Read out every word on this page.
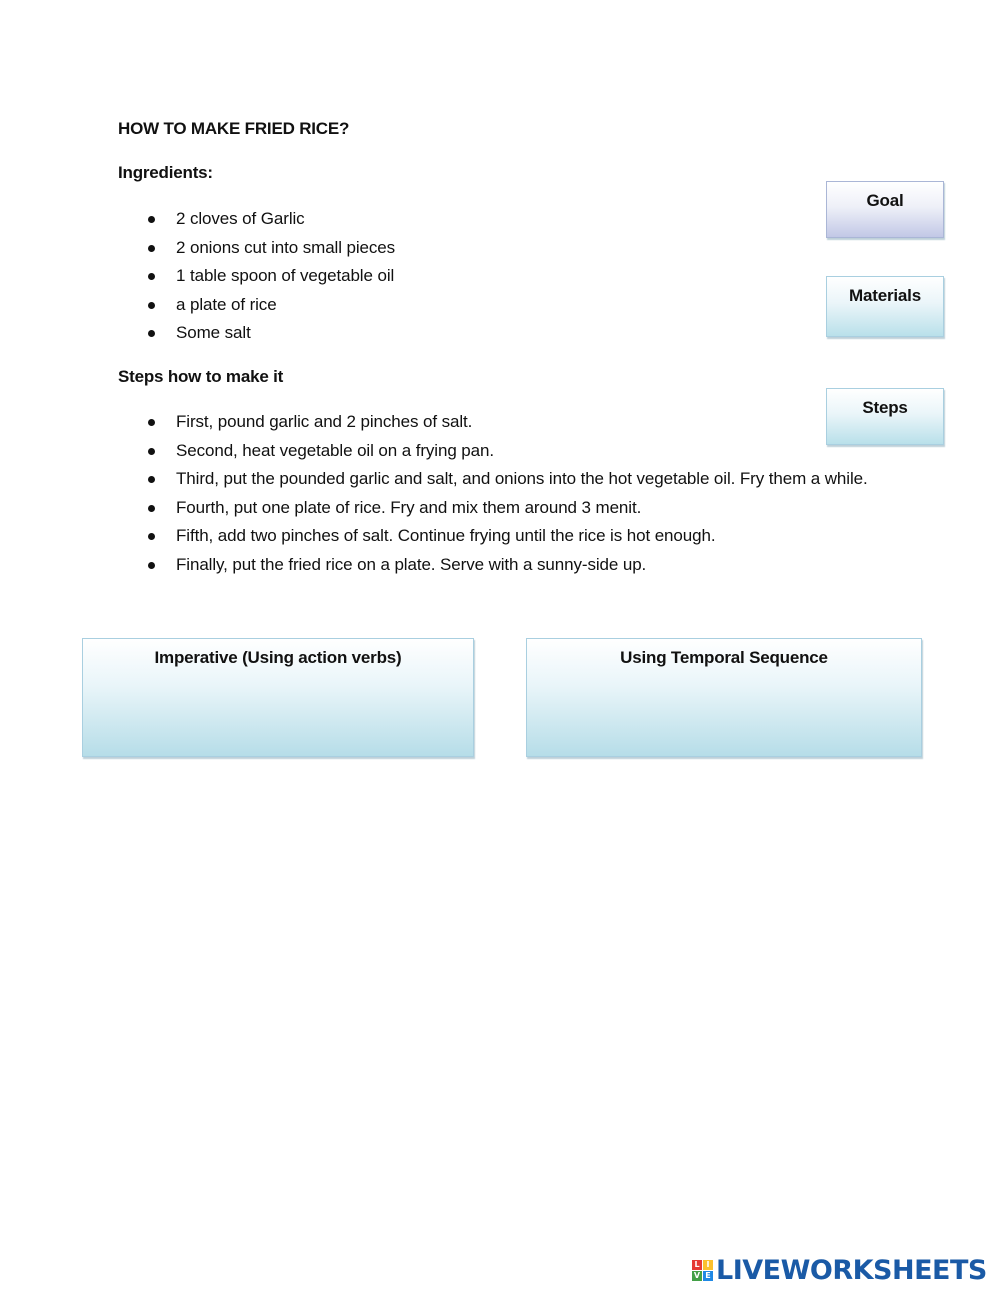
HOW TO MAKE FRIED RICE?
Ingredients:
2 cloves of Garlic
2 onions cut into small pieces
1 table spoon of vegetable oil
a plate of rice
Some salt
Steps how to make it
First, pound garlic and 2 pinches of salt.
Second, heat vegetable oil on a frying pan.
Third, put the pounded garlic and salt, and onions into the hot vegetable oil. Fry them a while.
Fourth, put one plate of rice. Fry and mix them around 3 menit.
Fifth, add two pinches of salt. Continue frying until the rice is hot enough.
Finally, put the fried rice on a plate. Serve with a sunny-side up.
Goal
Materials
Steps
Imperative (Using action verbs)	Using Temporal Sequence
L I
V E LIVEWORKSHEETS
